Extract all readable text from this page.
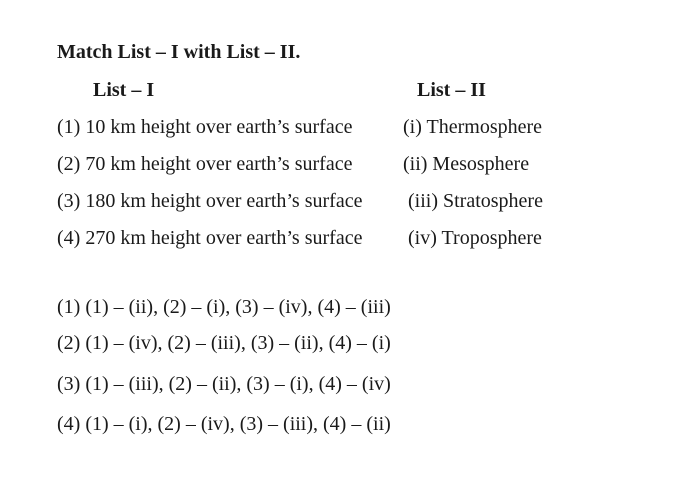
Match List – I with List – II.
List – I	List – II
(1) 10 km height over earth’s surface	(i) Thermosphere
(2) 70 km height over earth’s surface	(ii) Mesosphere
(3) 180 km height over earth’s surface (iii) Stratosphere
(4) 270 km height over earth’s surface (iv) Troposphere
(1) (1) – (ii), (2) – (i), (3) – (iv), (4) – (iii)
(2) (1) – (iv), (2) – (iii), (3) – (ii), (4) – (i)
(3) (1) – (iii), (2) – (ii), (3) – (i), (4) – (iv)
(4) (1) – (i), (2) – (iv), (3) – (iii), (4) – (ii)
